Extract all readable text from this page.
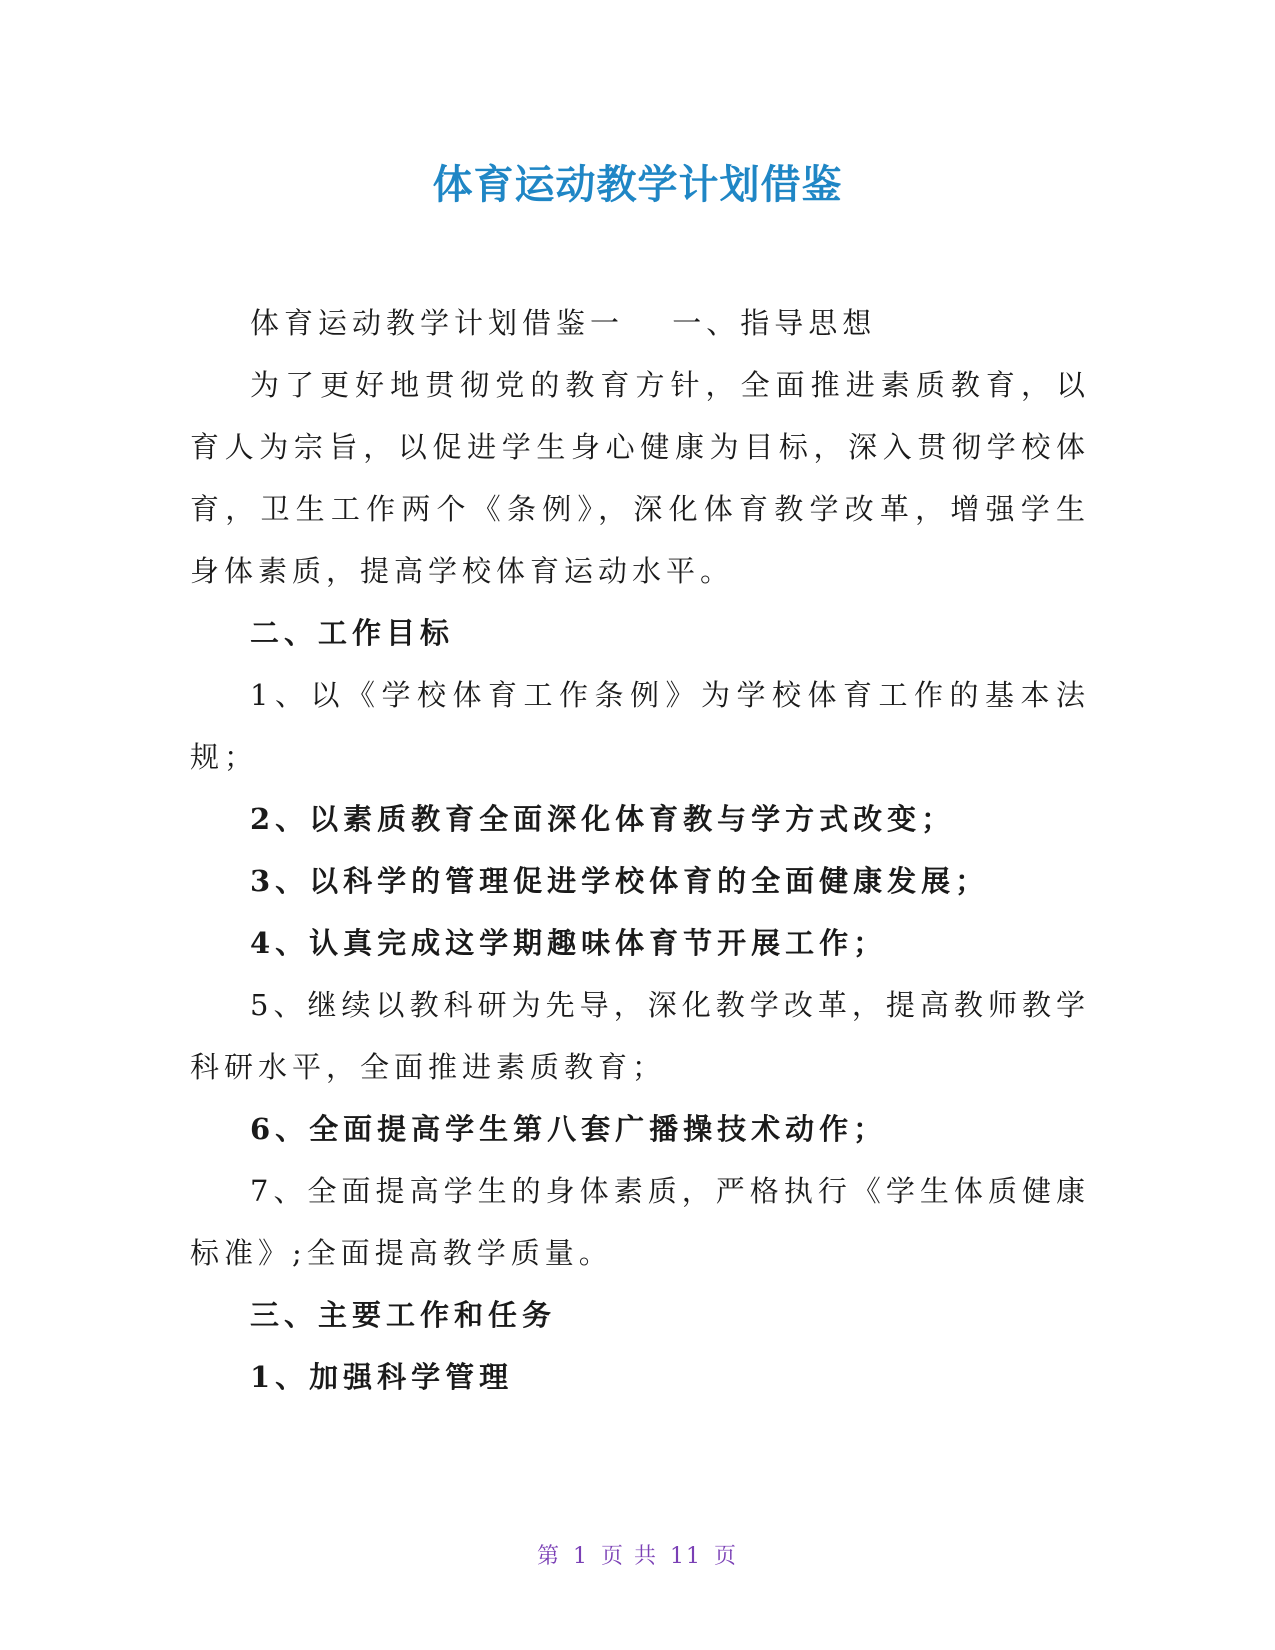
体育运动教学计划借鉴

体育运动教学计划借鉴一　 一、指导思想

为了更好地贯彻党的教育方针，全面推进素质教育，以育人为宗旨，以促进学生身心健康为目标，深入贯彻学校体育，卫生工作两个《条例》，深化体育教学改革，增强学生身体素质，提高学校体育运动水平。

二、工作目标

1、以《学校体育工作条例》为学校体育工作的基本法规；

2、以素质教育全面深化体育教与学方式改变；

3、以科学的管理促进学校体育的全面健康发展；

4、认真完成这学期趣味体育节开展工作；

5、继续以教科研为先导，深化教学改革，提高教师教学科研水平，全面推进素质教育；

6、全面提高学生第八套广播操技术动作；

7、全面提高学生的身体素质，严格执行《学生体质健康标准》;全面提高教学质量。

三、主要工作和任务

1、加强科学管理

第 1 页 共 11 页
